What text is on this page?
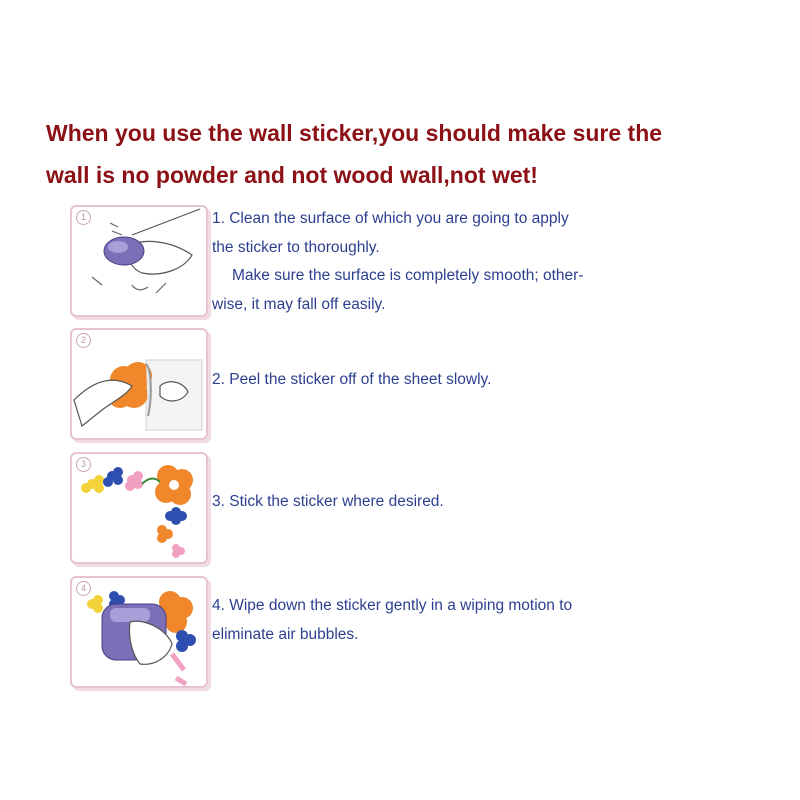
When you use the wall sticker,you should make sure the
wall is no powder and not wood wall,not wet!
1	1. Clean the surface of which you are going to apply

the sticker to thoroughly.

Make sure the surface is completely smooth; other-

wise, it may fall off easily.

2

2. Peel the sticker off of the sheet slowly.

3

3. Stick the sticker where desired.

4

4. Wipe down the sticker gently in a wiping motion to

eliminate air bubbles.
